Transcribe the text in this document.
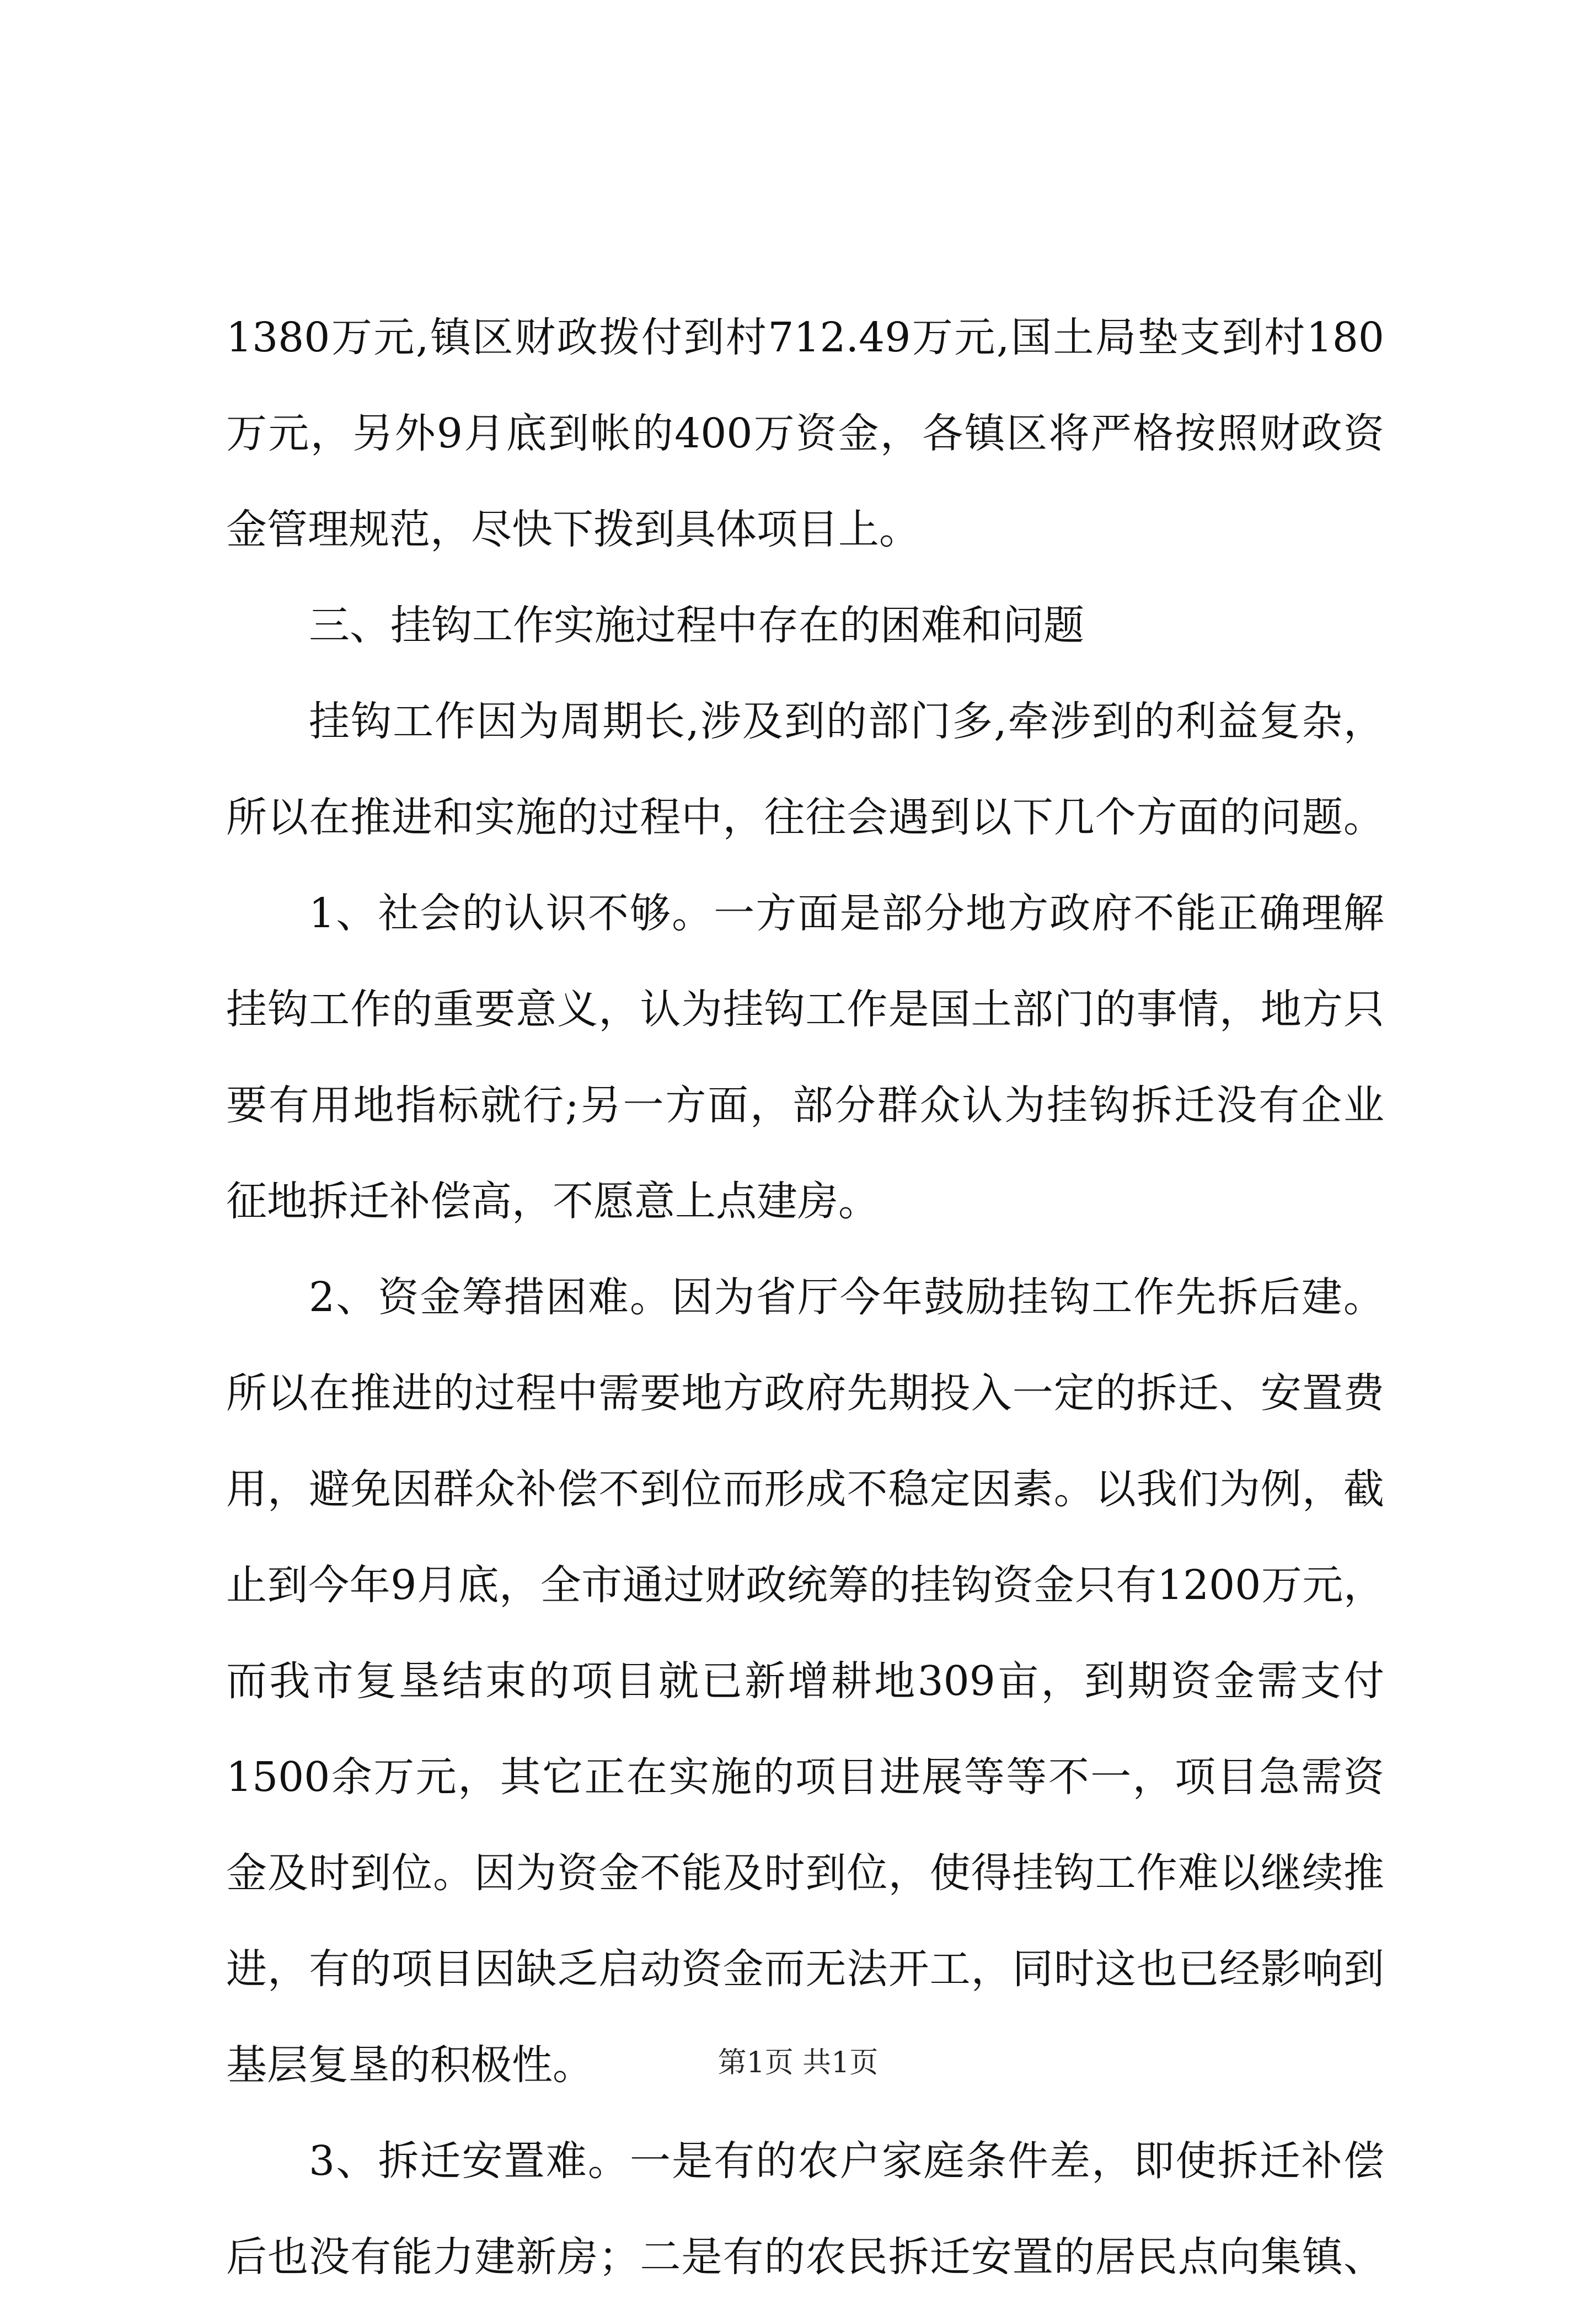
1380万元,镇区财政拨付到村712.49万元,国土局垫支到村180
万元，另外9月底到帐的400万资金，各镇区将严格按照财政资
金管理规范，尽快下拨到具体项目上。
三、挂钩工作实施过程中存在的困难和问题
挂钩工作因为周期长,涉及到的部门多,牵涉到的利益复杂，
所以在推进和实施的过程中，往往会遇到以下几个方面的问题。
1、社会的认识不够。一方面是部分地方政府不能正确理解
挂钩工作的重要意义，认为挂钩工作是国土部门的事情，地方只
要有用地指标就行;另一方面，部分群众认为挂钩拆迁没有企业
征地拆迁补偿高，不愿意上点建房。
2、资金筹措困难。因为省厅今年鼓励挂钩工作先拆后建。
所以在推进的过程中需要地方政府先期投入一定的拆迁、安置费
用，避免因群众补偿不到位而形成不稳定因素。以我们为例，截
止到今年9月底，全市通过财政统筹的挂钩资金只有1200万元，
而我市复垦结束的项目就已新增耕地309亩，到期资金需支付
1500余万元，其它正在实施的项目进展等等不一，项目急需资
金及时到位。因为资金不能及时到位，使得挂钩工作难以继续推
进，有的项目因缺乏启动资金而无法开工，同时这也已经影响到
基层复垦的积极性。
3、拆迁安置难。一是有的农户家庭条件差，即使拆迁补偿
后也没有能力建新房；二是有的农民拆迁安置的居民点向集镇、
第1页 共1页
